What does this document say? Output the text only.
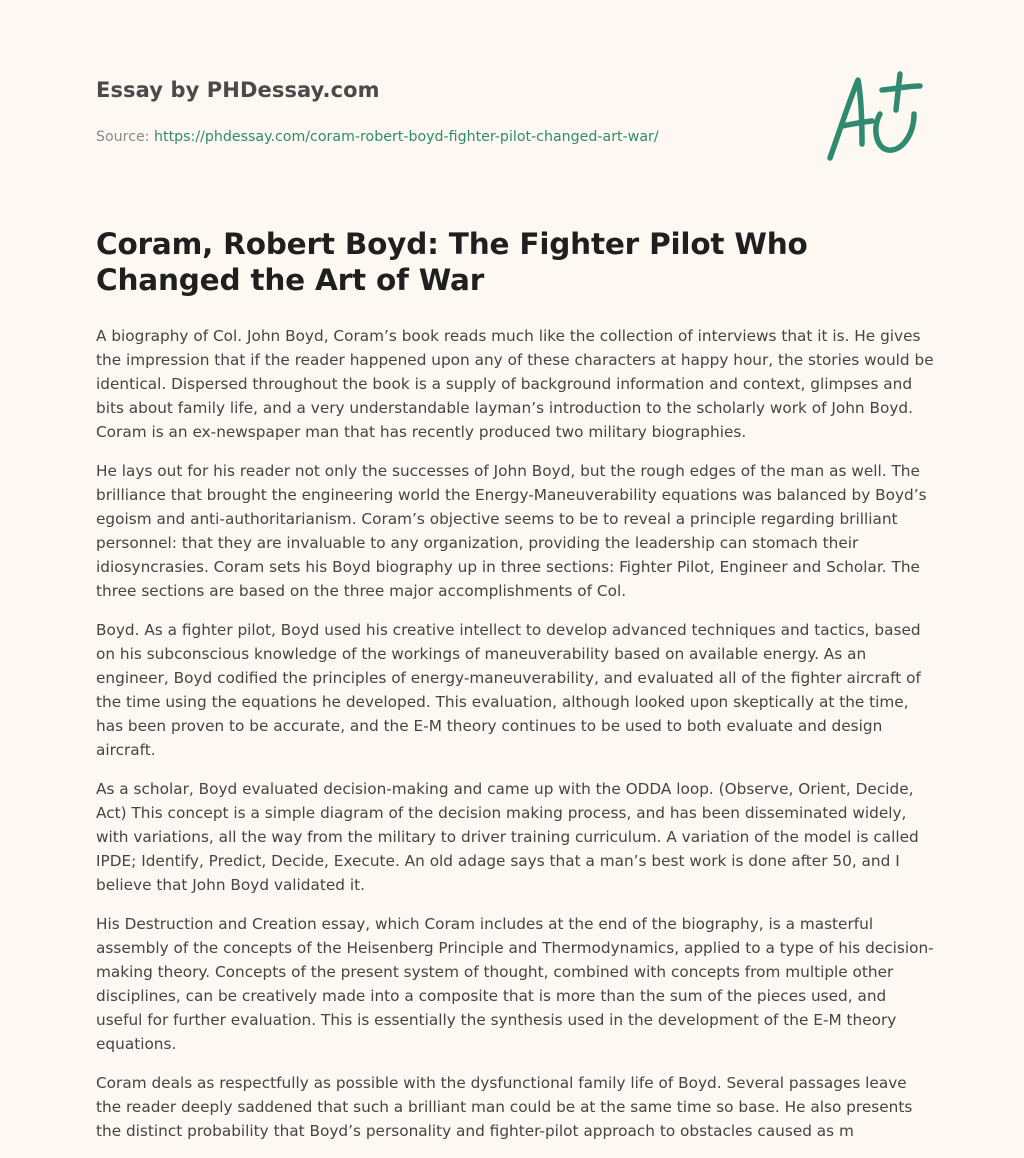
Essay by PHDessay.com
Source: https://phdessay.com/coram-robert-boyd-fighter-pilot-changed-art-war/
Coram, Robert Boyd: The Fighter Pilot Who Changed the Art of War

A biography of Col. John Boyd, Coram’s book reads much like the collection of interviews that it is. He gives the impression that if the reader happened upon any of these characters at happy hour, the stories would be identical. Dispersed throughout the book is a supply of background information and context, glimpses and bits about family life, and a very understandable layman’s introduction to the scholarly work of John Boyd. Coram is an ex-newspaper man that has recently produced two military biographies.

He lays out for his reader not only the successes of John Boyd, but the rough edges of the man as well. The brilliance that brought the engineering world the Energy-Maneuverability equations was balanced by Boyd’s egoism and anti-authoritarianism. Coram’s objective seems to be to reveal a principle regarding brilliant personnel: that they are invaluable to any organization, providing the leadership can stomach their idiosyncrasies. Coram sets his Boyd biography up in three sections: Fighter Pilot, Engineer and Scholar. The three sections are based on the three major accomplishments of Col.

Boyd. As a fighter pilot, Boyd used his creative intellect to develop advanced techniques and tactics, based on his subconscious knowledge of the workings of maneuverability based on available energy. As an engineer, Boyd codified the principles of energy-maneuverability, and evaluated all of the fighter aircraft of the time using the equations he developed. This evaluation, although looked upon skeptically at the time, has been proven to be accurate, and the E-M theory continues to be used to both evaluate and design aircraft.

As a scholar, Boyd evaluated decision-making and came up with the ODDA loop. (Observe, Orient, Decide, Act) This concept is a simple diagram of the decision making process, and has been disseminated widely, with variations, all the way from the military to driver training curriculum. A variation of the model is called IPDE; Identify, Predict, Decide, Execute. An old adage says that a man’s best work is done after 50, and I believe that John Boyd validated it.

His Destruction and Creation essay, which Coram includes at the end of the biography, is a masterful assembly of the concepts of the Heisenberg Principle and Thermodynamics, applied to a type of his decision-making theory. Concepts of the present system of thought, combined with concepts from multiple other disciplines, can be creatively made into a composite that is more than the sum of the pieces used, and useful for further evaluation. This is essentially the synthesis used in the development of the E-M theory equations.

Coram deals as respectfully as possible with the dysfunctional family life of Boyd. Several passages leave the reader deeply saddened that such a brilliant man could be at the same time so base. He also presents the distinct probability that Boyd’s personality and fighter-pilot approach to obstacles caused as m
